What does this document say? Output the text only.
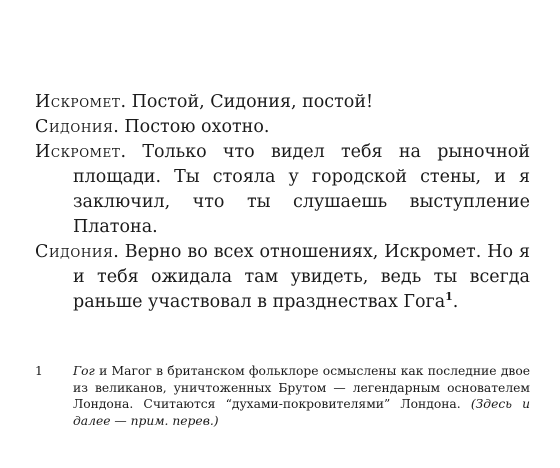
Искромет. Постой, Сидония, постой!

Сидония. Постою охотно.

Искромет. Только что видел тебя на рыночной площади. Ты стояла у городской стены, и я заключил, что ты слушаешь выступление Платона.

Сидония. Верно во всех отношениях, Искромет. Но я и тебя ожидала там увидеть, ведь ты всегда раньше участвовал в празднествах Гога$^1$.

1	Гог и Магог в британском фольклоре осмыслены как последние двое из великанов, уничтоженных Брутом — легендарным основателем Лондона. Считаются “духами-покровителями” Лондона. (Здесь и далее — прим. перев.)
